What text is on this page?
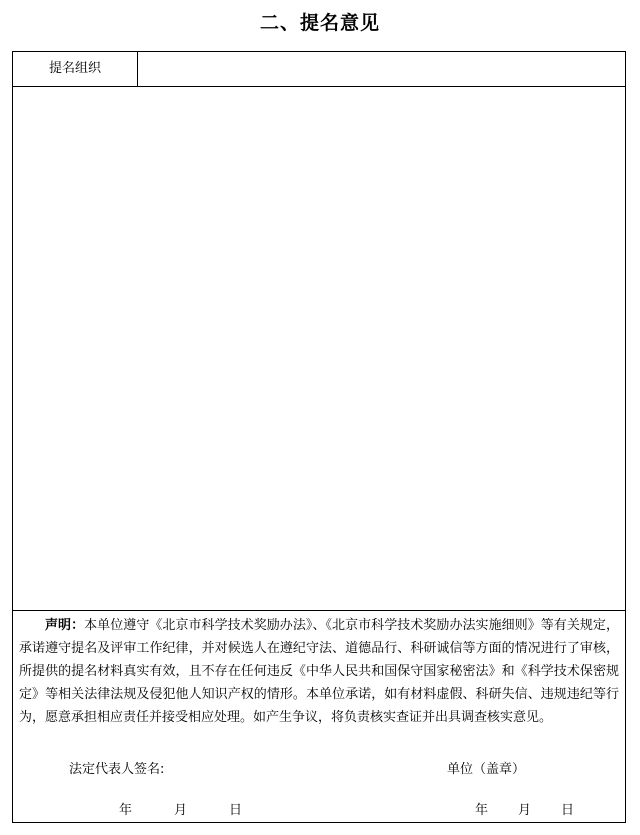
二、提名意见
提名组织
声明：本单位遵守《北京市科学技术奖励办法》、《北京市科学技术奖励办法实施细则》等有关规定，承诺遵守提名及评审工作纪律，并对候选人在遵纪守法、道德品行、科研诚信等方面的情况进行了审核，所提供的提名材料真实有效，且不存在任何违反《中华人民共和国保守国家秘密法》和《科学技术保密规定》等相关法律法规及侵犯他人知识产权的情形。本单位承诺，如有材料虚假、科研失信、违规违纪等行为，愿意承担相应责任并接受相应处理。如产生争议，将负责核实查证并出具调查核实意见。
法定代表人签名:	单位（盖章）
年	月	日	年 月 日
